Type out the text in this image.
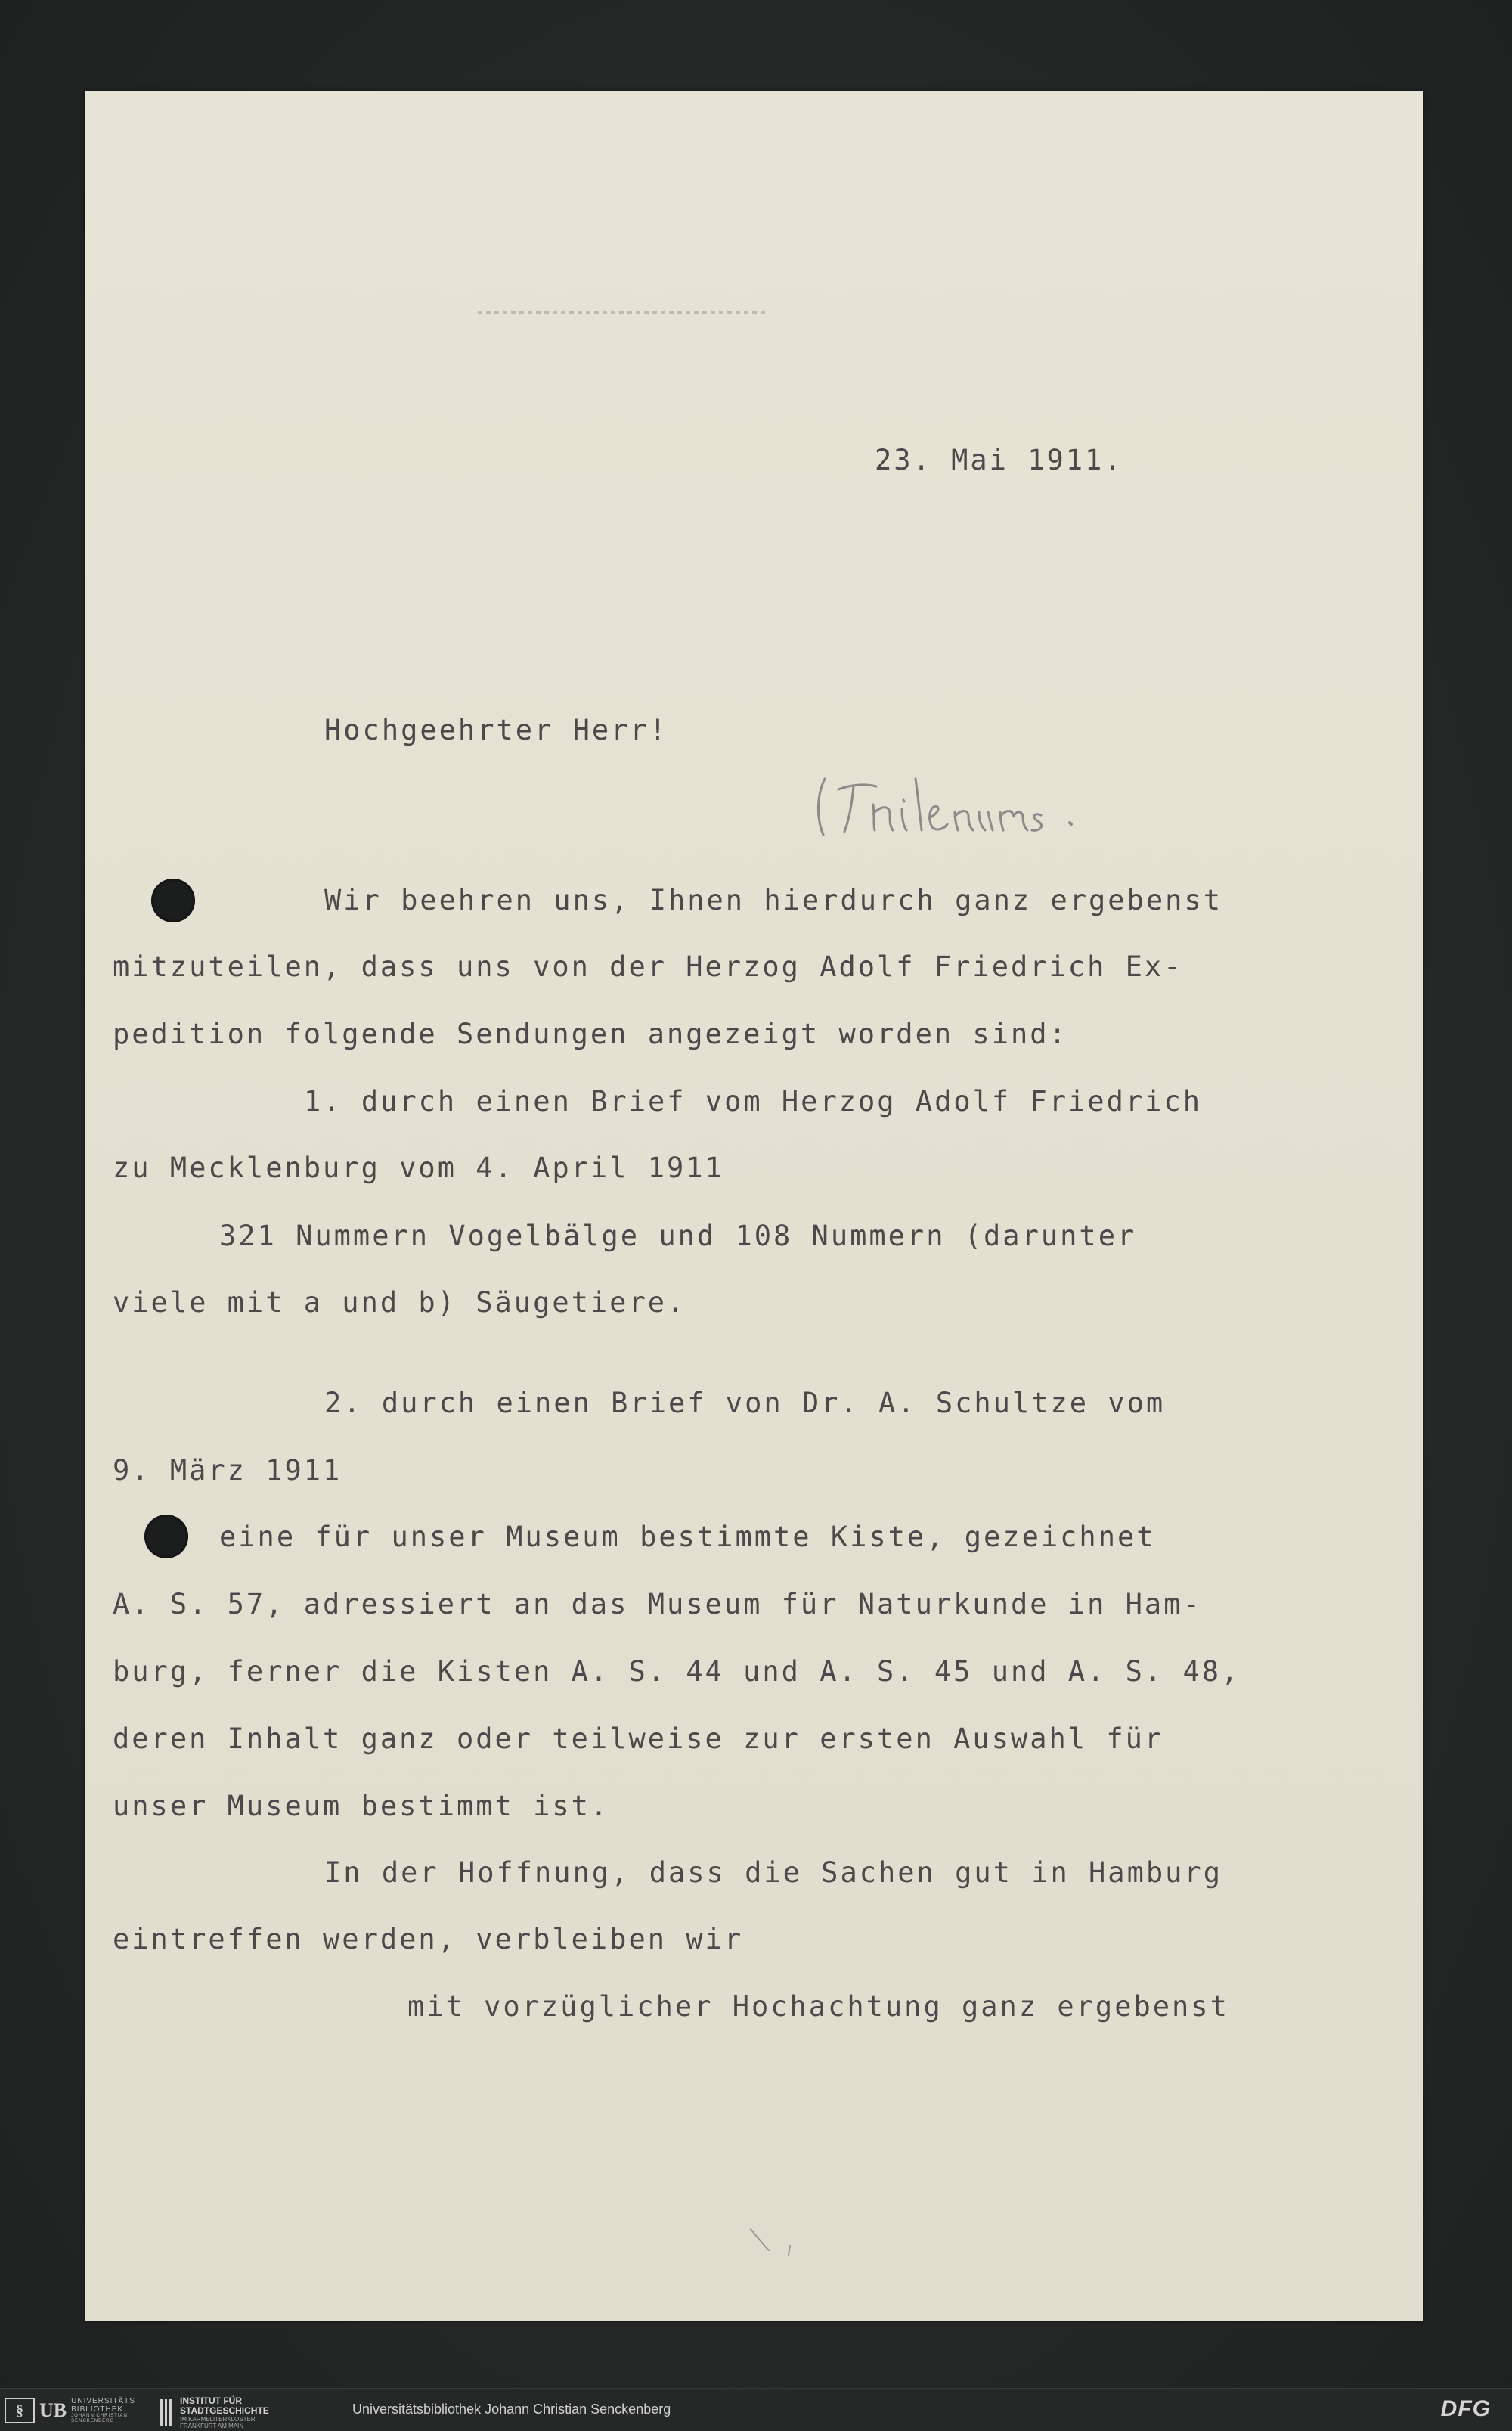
23. Mai 1911.
Hochgeehrter Herr!
Wir beehren uns, Ihnen hierdurch ganz ergebenst
mitzuteilen, dass uns von der Herzog Adolf Friedrich Ex-
pedition folgende Sendungen angezeigt worden sind:
1. durch einen Brief vom Herzog Adolf Friedrich
zu Mecklenburg vom 4. April 1911
321 Nummern Vogelbälge und 108 Nummern (darunter
viele mit a und b) Säugetiere.
2. durch einen Brief von Dr. A. Schultze vom
9. März 1911
eine für unser Museum bestimmte Kiste, gezeichnet
A. S. 57, adressiert an das Museum für Naturkunde in Ham-
burg, ferner die Kisten A. S. 44 und A. S. 45 und A. S. 48,
deren Inhalt ganz oder teilweise zur ersten Auswahl für
unser Museum bestimmt ist.
In der Hoffnung, dass die Sachen gut in Hamburg
eintreffen werden, verbleiben wir
mit vorzüglicher Hochachtung ganz ergebenst
§ UB UNIVERSITÄTS BIBLIOTHEK
JOHANN CHRISTIAN SENCKENBERG
INSTITUT FÜR
STADTGESCHICHTE
IM KARMELITERKLOSTER
FRANKFURT AM MAIN
Universitätsbibliothek Johann Christian Senckenberg	DFG
